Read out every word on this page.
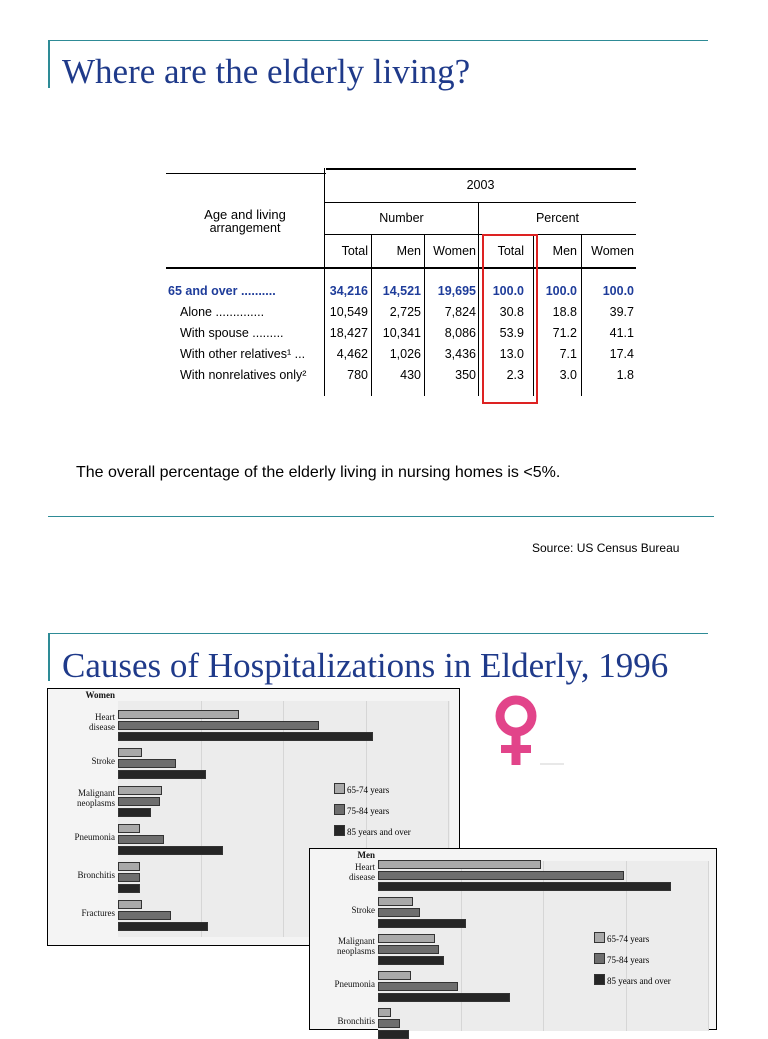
Where are the elderly living?
2003
Age and living
arrangement
Number	Percent
Total	Men Women	Total	Men	Women
65 and over ..........	34,216	14,521	19,695	100.0	100.0	100.0
Alone ..............	10,549	2,725	7,824	30.8	18.8	39.7
With spouse .........	18,427	10,341	8,086	53.9	71.2	41.1
With other relatives¹ ...	4,462	1,026	3,436	13.0	7.1	17.4
With nonrelatives only²	780	430	350	2.3	3.0	1.8
The overall percentage of the elderly living in nursing homes is <5%.
Source: US Census Bureau
Causes of Hospitalizations in Elderly, 1996
Women
Heart
disease
Stroke
Malignant
neoplasms
Pneumonia
Bronchitis
Fractures
65-74 years
75-84 years
85 years and over
Men
Heart
disease
Stroke
Malignant
neoplasms
Pneumonia
Bronchitis
65-74 years
75-84 years
85 years and over
